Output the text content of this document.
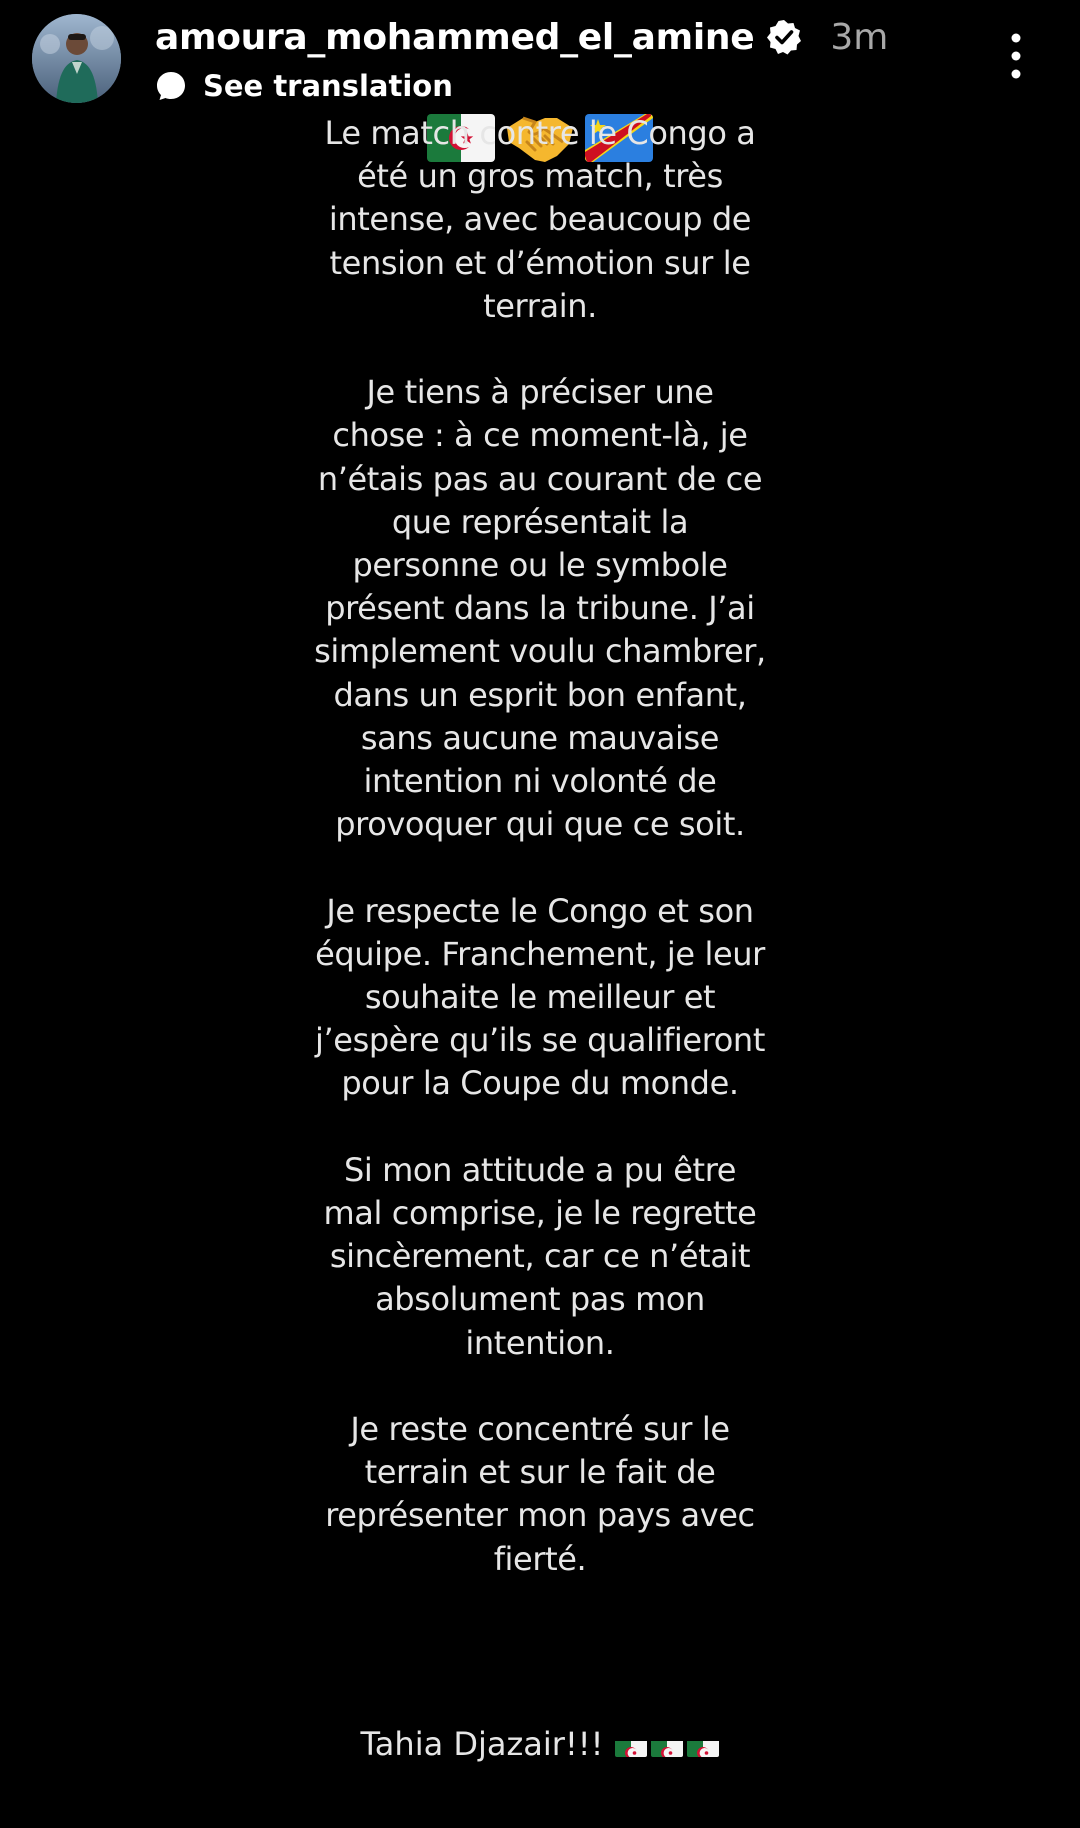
amoura_mohammed_el_amine 3m
See translation

Le match contre le Congo a
été un gros match, très
intense, avec beaucoup de
tension et d’émotion sur le
terrain.

Je tiens à préciser une
chose : à ce moment-là, je
n’étais pas au courant de ce
que représentait la
personne ou le symbole
présent dans la tribune. J’ai
simplement voulu chambrer,
dans un esprit bon enfant,
sans aucune mauvaise
intention ni volonté de
provoquer qui que ce soit.

Je respecte le Congo et son
équipe. Franchement, je leur
souhaite le meilleur et
j’espère qu’ils se qualifieront
pour la Coupe du monde.

Si mon attitude a pu être
mal comprise, je le regrette
sincèrement, car ce n’était
absolument pas mon
intention.

Je reste concentré sur le
terrain et sur le fait de
représenter mon pays avec
fierté.

Tahia Djazair!!!
